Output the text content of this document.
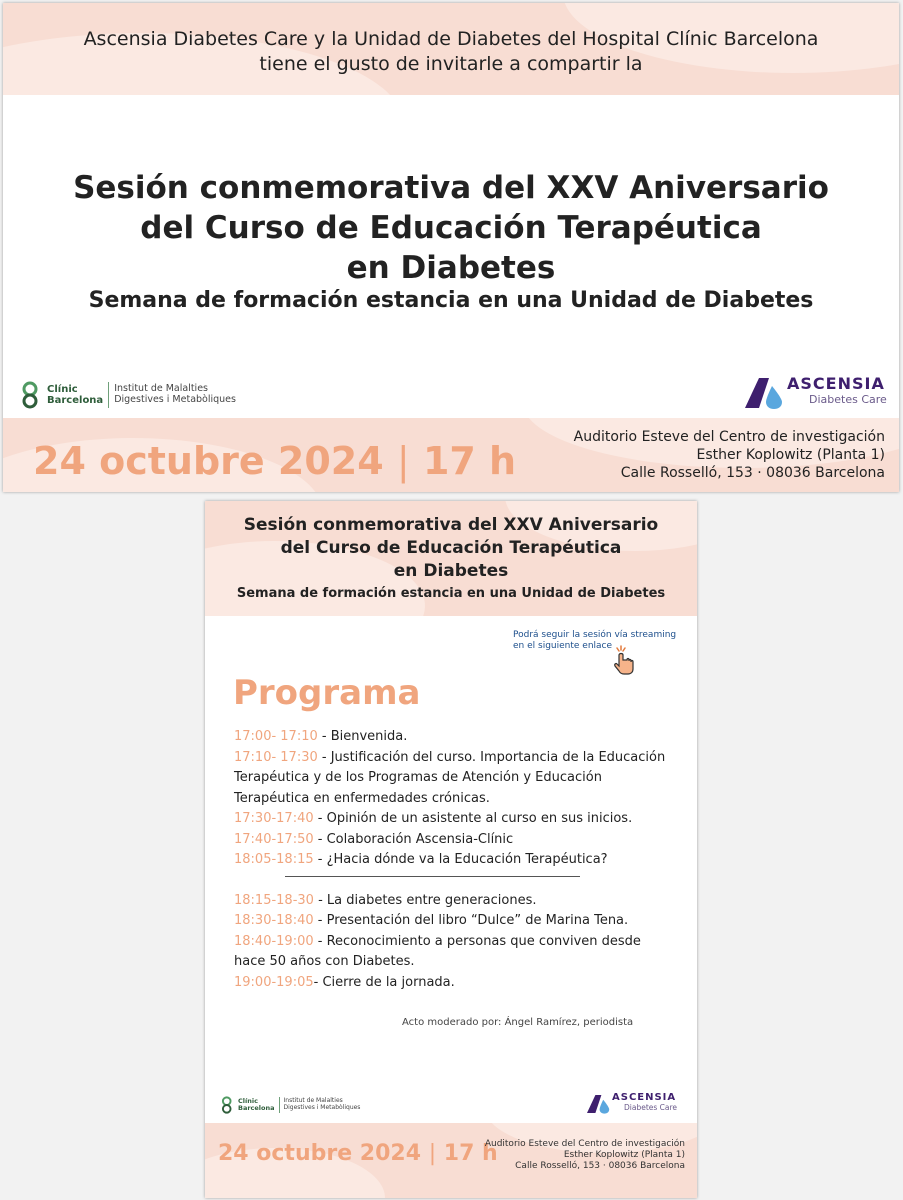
Ascensia Diabetes Care y la Unidad de Diabetes del Hospital Clínic Barcelona
tiene el gusto de invitarle a compartir la
Sesión conmemorativa del XXV Aniversario
del Curso de Educación Terapéutica
en Diabetes
Semana de formación estancia en una Unidad de Diabetes
Clínic
Barcelona
Institut de Malalties
Digestives i Metabòliques
ASCENSIA
Diabetes Care
24 octubre 2024 | 17 h
Auditorio Esteve del Centro de investigación
Esther Koplowitz (Planta 1)
Calle Rosselló, 153 · 08036 Barcelona
Sesión conmemorativa del XXV Aniversario
del Curso de Educación Terapéutica
en Diabetes
Semana de formación estancia en una Unidad de Diabetes
Podrá seguir la sesión vía streaming
en el siguiente enlace
Programa
17:00- 17:10 - Bienvenida.
17:10- 17:30 - Justificación del curso. Importancia de la Educación Terapéutica y de los Programas de Atención y Educación Terapéutica en enfermedades crónicas.
17:30-17:40 - Opinión de un asistente al curso en sus inicios.
17:40-17:50 - Colaboración Ascensia-Clínic
18:05-18:15 - ¿Hacia dónde va la Educación Terapéutica?
18:15-18-30 - La diabetes entre generaciones.
18:30-18:40 - Presentación del libro “Dulce” de Marina Tena.
18:40-19:00 - Reconocimiento a personas que conviven desde hace 50 años con Diabetes.
19:00-19:05- Cierre de la jornada.
Acto moderado por: Ángel Ramírez, periodista
Clínic
Barcelona
Institut de Malalties
Digestives i Metabòliques
ASCENSIA
Diabetes Care
24 octubre 2024 | 17 h
Auditorio Esteve del Centro de investigación
Esther Koplowitz (Planta 1)
Calle Rosselló, 153 · 08036 Barcelona
